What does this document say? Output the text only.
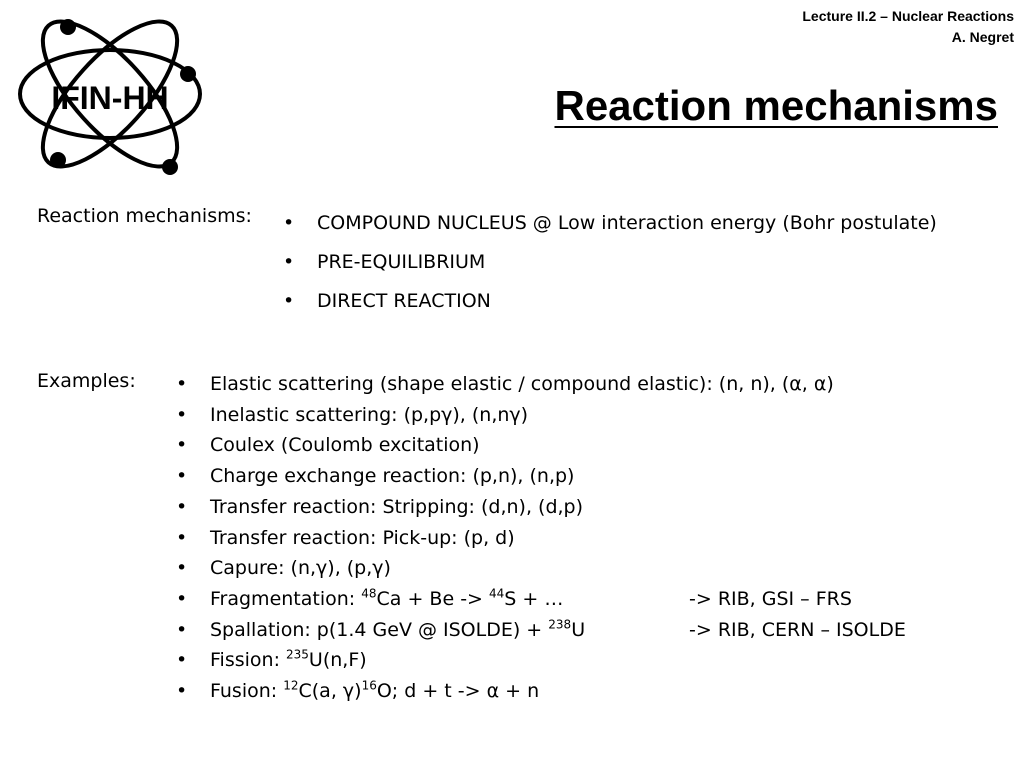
IFIN-HH
Lecture II.2 – Nuclear Reactions
A. Negret
Reaction mechanisms
Reaction mechanisms:	• COMPOUND NUCLEUS @ Low interaction energy (Bohr postulate)
• PRE-EQUILIBRIUM
• DIRECT REACTION
Examples:	• Elastic scattering (shape elastic / compound elastic): (n, n), (α, α)
• Inelastic scattering: (p,pγ), (n,nγ)
• Coulex (Coulomb excitation)
• Charge exchange reaction: (p,n), (n,p)
• Transfer reaction: Stripping: (d,n), (d,p)
• Transfer reaction: Pick-up: (p, d)
• Capure: (n,γ), (p,γ)
• Fragmentation: $^{48}$Ca + Be -> $^{44}$S + …	-> RIB, GSI – FRS
• Spallation: p(1.4 GeV @ ISOLDE) + $^{238}$U	-> RIB, CERN – ISOLDE
• Fission: $^{235}$U(n,F)
• Fusion: $^{12}$C(a, γ)$^{16}$O; d + t -> α + n
